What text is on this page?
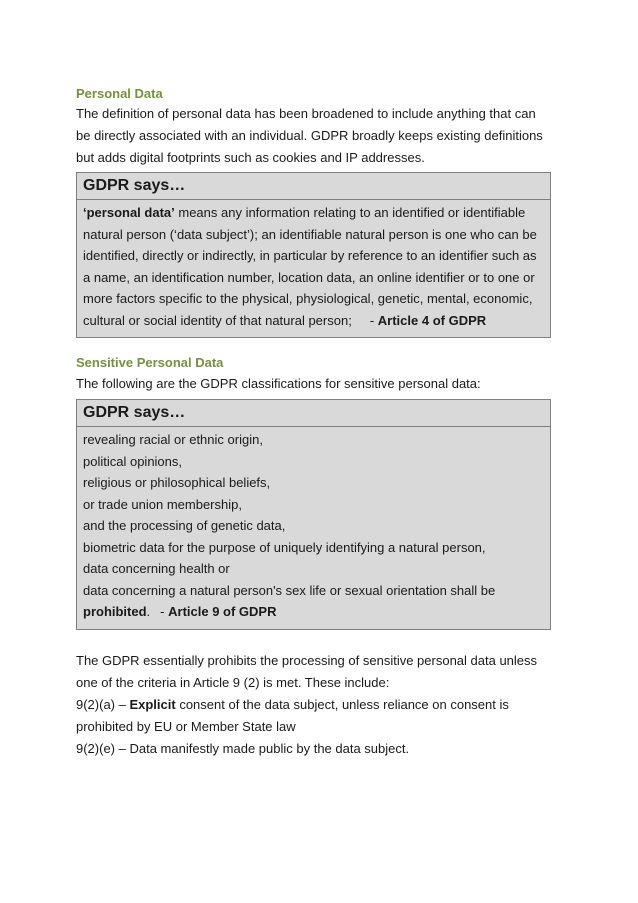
Personal Data
The definition of personal data has been broadened to include anything that can
be directly associated with an individual. GDPR broadly keeps existing definitions
but adds digital footprints such as cookies and IP addresses.
GDPR says…
‘personal data’ means any information relating to an identified or identifiable
natural person (‘data subject’); an identifiable natural person is one who can be
identified, directly or indirectly, in particular by reference to an identifier such as
a name, an identification number, location data, an online identifier or to one or
more factors specific to the physical, physiological, genetic, mental, economic,
cultural or social identity of that natural person; - Article 4 of GDPR
Sensitive Personal Data
The following are the GDPR classifications for sensitive personal data:
GDPR says…
revealing racial or ethnic origin,
political opinions,
religious or philosophical beliefs,
or trade union membership,
and the processing of genetic data,
biometric data for the purpose of uniquely identifying a natural person,
data concerning health or
data concerning a natural person's sex life or sexual orientation shall be
prohibited. - Article 9 of GDPR
The GDPR essentially prohibits the processing of sensitive personal data unless
one of the criteria in Article 9 (2) is met. These include:
9(2)(a) – Explicit consent of the data subject, unless reliance on consent is
prohibited by EU or Member State law
9(2)(e) – Data manifestly made public by the data subject.
